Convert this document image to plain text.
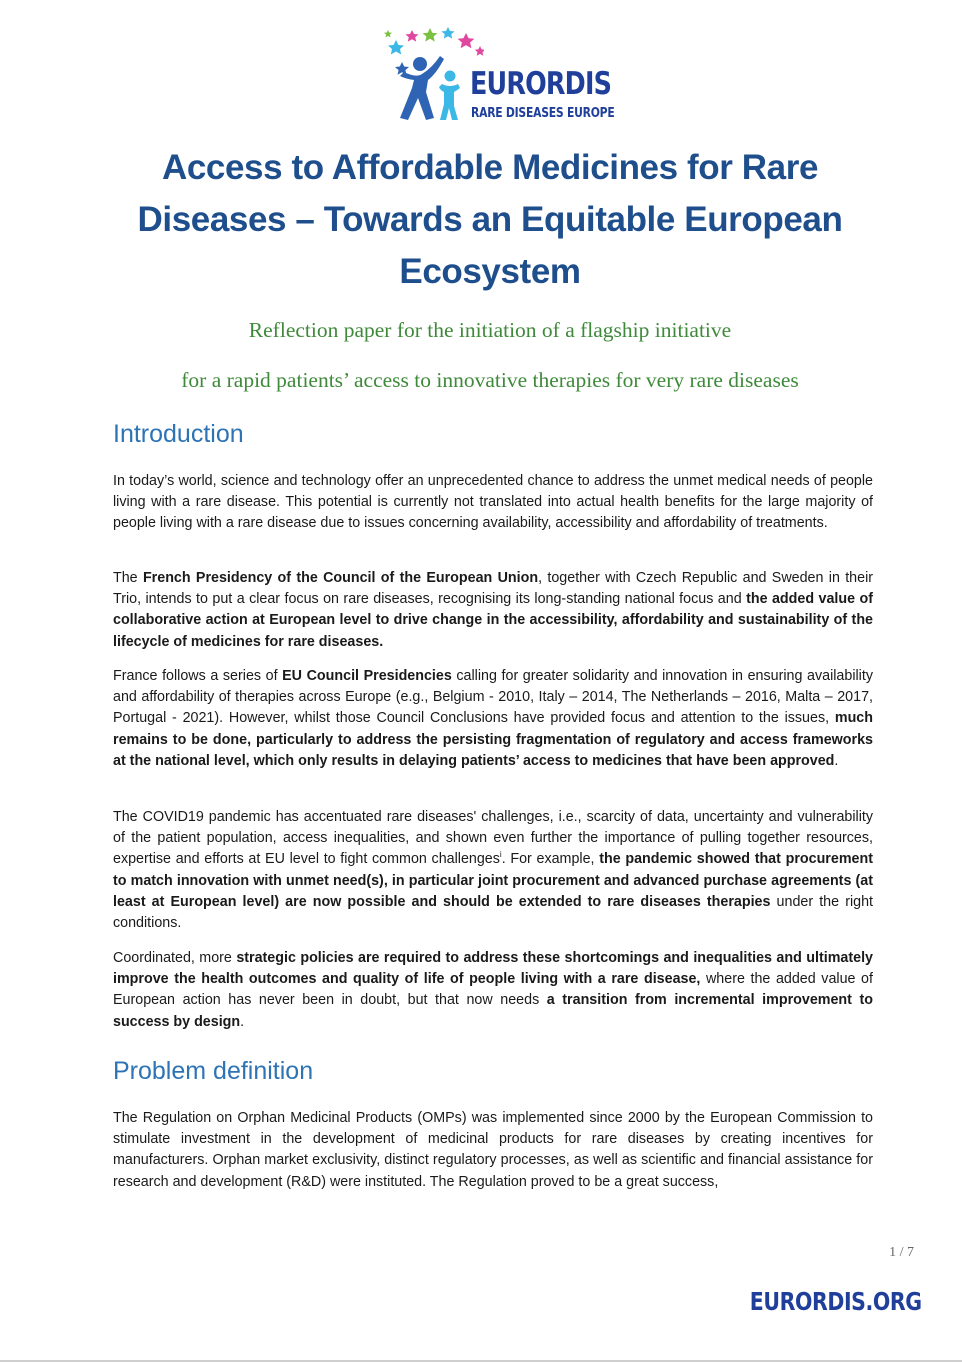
EURORDIS
RARE DISEASES EUROPE
Access to Affordable Medicines for Rare Diseases – Towards an Equitable European Ecosystem
Reflection paper for the initiation of a flagship initiative
for a rapid patients’ access to innovative therapies for very rare diseases
Introduction

In today’s world, science and technology offer an unprecedented chance to address the unmet medical needs of people living with a rare disease. This potential is currently not translated into actual health benefits for the large majority of people living with a rare disease due to issues concerning availability, accessibility and affordability of treatments.

The French Presidency of the Council of the European Union, together with Czech Republic and Sweden in their Trio, intends to put a clear focus on rare diseases, recognising its long-standing national focus and the added value of collaborative action at European level to drive change in the accessibility, affordability and sustainability of the lifecycle of medicines for rare diseases.

France follows a series of EU Council Presidencies calling for greater solidarity and innovation in ensuring availability and affordability of therapies across Europe (e.g., Belgium - 2010, Italy – 2014, The Netherlands – 2016, Malta – 2017, Portugal - 2021). However, whilst those Council Conclusions have provided focus and attention to the issues, much remains to be done, particularly to address the persisting fragmentation of regulatory and access frameworks at the national level, which only results in delaying patients’ access to medicines that have been approved.

The COVID19 pandemic has accentuated rare diseases' challenges, i.e., scarcity of data, uncertainty and vulnerability of the patient population, access inequalities, and shown even further the importance of pulling together resources, expertise and efforts at EU level to fight common challenges$^i$. For example, the pandemic showed that procurement to match innovation with unmet need(s), in particular joint procurement and advanced purchase agreements (at least at European level) are now possible and should be extended to rare diseases therapies under the right conditions.

Coordinated, more strategic policies are required to address these shortcomings and inequalities and ultimately improve the health outcomes and quality of life of people living with a rare disease, where the added value of European action has never been in doubt, but that now needs a transition from incremental improvement to success by design.

Problem definition

The Regulation on Orphan Medicinal Products (OMPs) was implemented since 2000 by the European Commission to stimulate investment in the development of medicinal products for rare diseases by creating incentives for manufacturers. Orphan market exclusivity, distinct regulatory processes, as well as scientific and financial assistance for research and development (R&D) were instituted. The Regulation proved to be a great success,

1 / 7
EURORDIS.ORG
